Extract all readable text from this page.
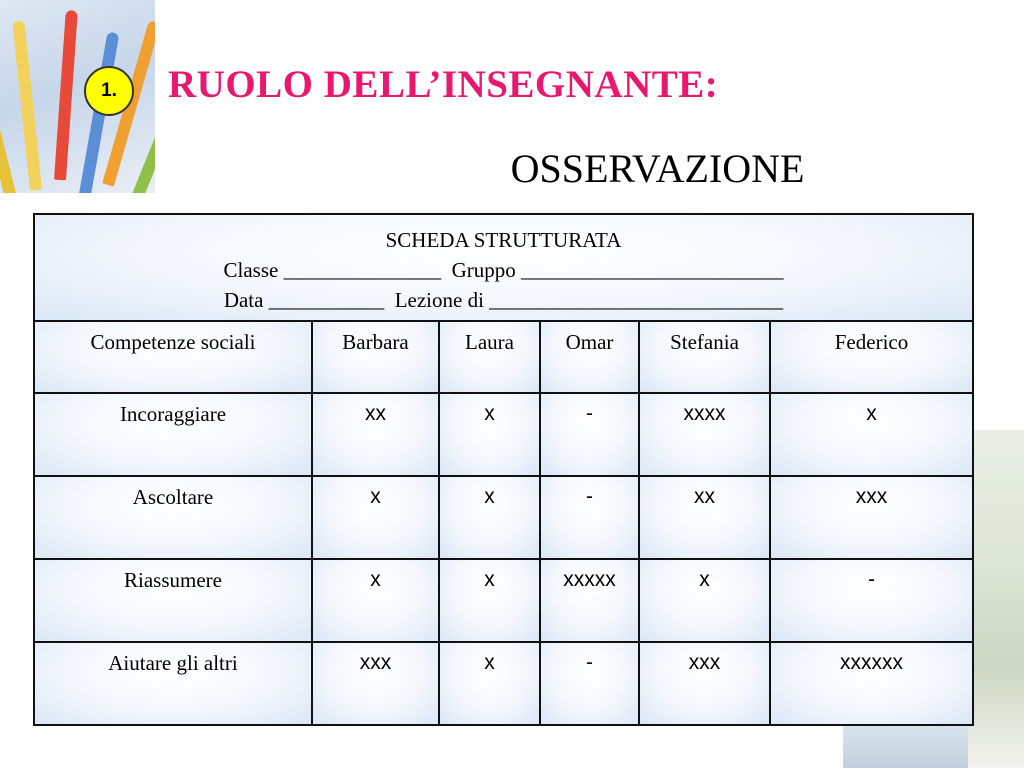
1.	RUOLO DELL’INSEGNANTE:
OSSERVAZIONE
SCHEDA STRUTTURATA
Classe _______________  Gruppo _________________________
Data ___________  Lezione di ____________________________					

Competenze sociali	Barbara	Laura	Omar	Stefania	Federico
Incoraggiare	xx	x	-	xxxx	x
Ascoltare	x	x	-	xx	xxx
Riassumere	x	x	xxxxx	x	-
Aiutare gli altri	xxx	x	-	xxx	xxxxxx
